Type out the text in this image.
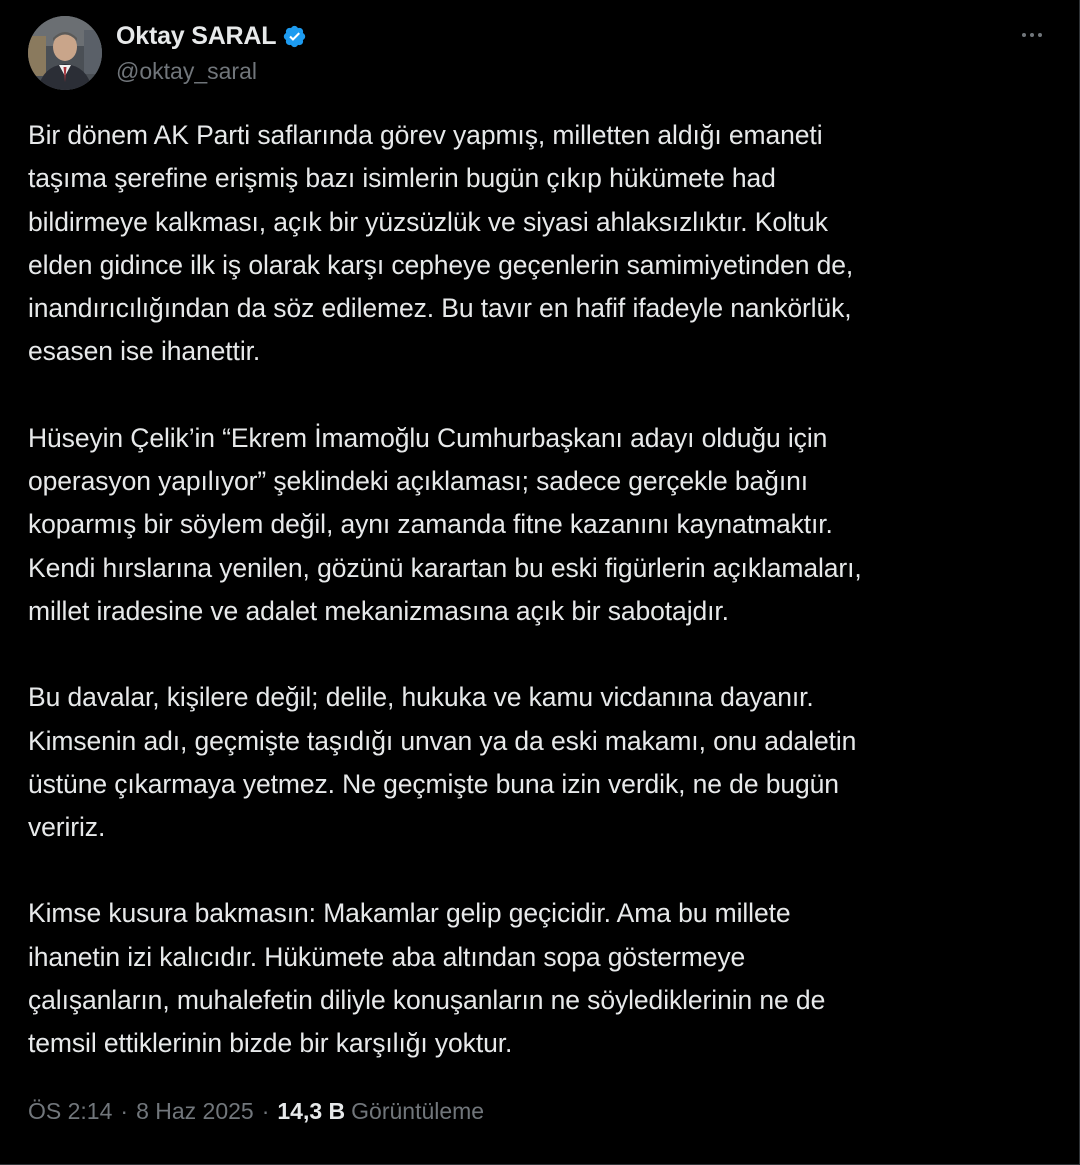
Oktay SARAL
@oktay_saral

Bir dönem AK Parti saflarında görev yapmış, milletten aldığı emaneti
taşıma şerefine erişmiş bazı isimlerin bugün çıkıp hükümete had
bildirmeye kalkması, açık bir yüzsüzlük ve siyasi ahlaksızlıktır. Koltuk
elden gidince ilk iş olarak karşı cepheye geçenlerin samimiyetinden de,
inandırıcılığından da söz edilemez. Bu tavır en hafif ifadeyle nankörlük,
esasen ise ihanettir.

Hüseyin Çelik’in “Ekrem İmamoğlu Cumhurbaşkanı adayı olduğu için
operasyon yapılıyor” şeklindeki açıklaması; sadece gerçekle bağını
koparmış bir söylem değil, aynı zamanda fitne kazanını kaynatmaktır.
Kendi hırslarına yenilen, gözünü karartan bu eski figürlerin açıklamaları,
millet iradesine ve adalet mekanizmasına açık bir sabotajdır.

Bu davalar, kişilere değil; delile, hukuka ve kamu vicdanına dayanır.
Kimsenin adı, geçmişte taşıdığı unvan ya da eski makamı, onu adaletin
üstüne çıkarmaya yetmez. Ne geçmişte buna izin verdik, ne de bugün
veririz.

Kimse kusura bakmasın: Makamlar gelip geçicidir. Ama bu millete
ihanetin izi kalıcıdır. Hükümete aba altından sopa göstermeye
çalışanların, muhalefetin diliyle konuşanların ne söylediklerinin ne de
temsil ettiklerinin bizde bir karşılığı yoktur.

ÖS 2:14 · 8 Haz 2025 · 14,3 B Görüntüleme
